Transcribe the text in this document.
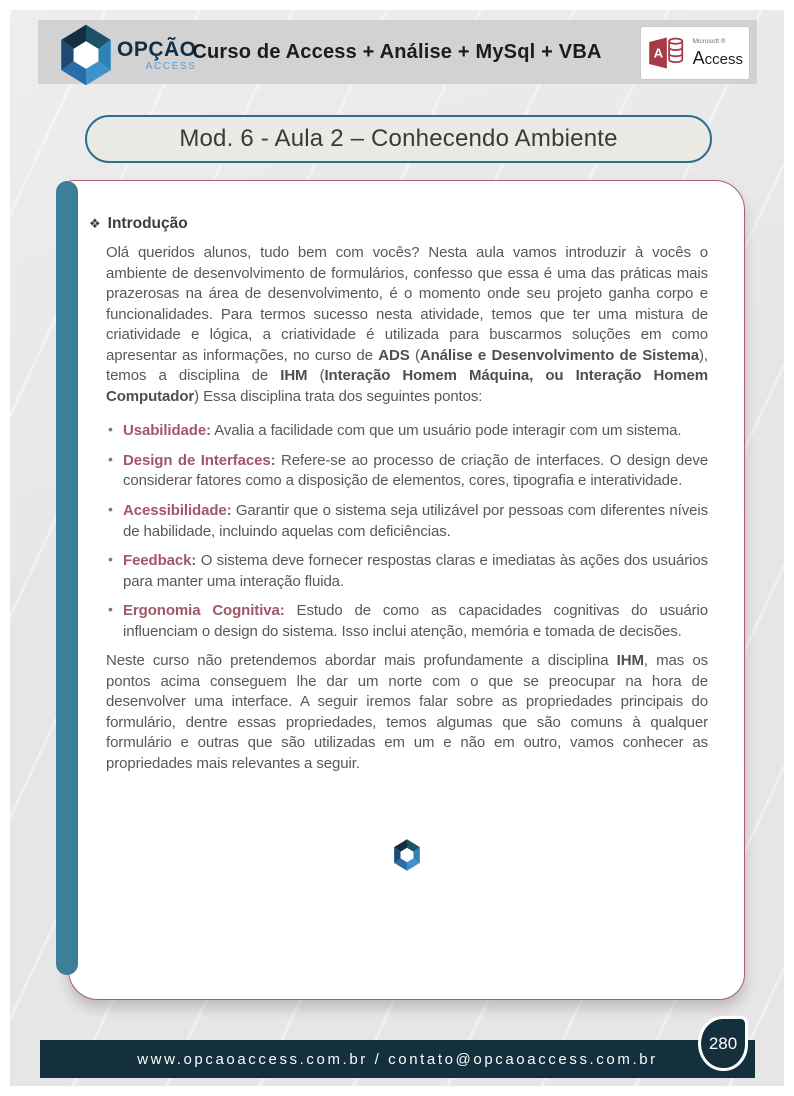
OPÇÃO
ACCESS
Curso de Access + Análise + MySql + VBA	A
Microsoft ®
Access
Mod. 6 - Aula 2 – Conhecendo Ambiente
❖ Introdução

Olá queridos alunos, tudo bem com vocês? Nesta aula vamos introduzir à vocês o ambiente de desenvolvimento de formulários, confesso que essa é uma das práticas mais prazerosas na área de desenvolvimento, é o momento onde seu projeto ganha corpo e funcionalidades. Para termos sucesso nesta atividade, temos que ter uma mistura de criatividade e lógica, a criatividade é utilizada para buscarmos soluções em como apresentar as informações, no curso de ADS (Análise e Desenvolvimento de Sistema), temos a disciplina de IHM (Interação Homem Máquina, ou Interação Homem Computador) Essa disciplina trata dos seguintes pontos:

• Usabilidade: Avalia a facilidade com que um usuário pode interagir com um sistema.

• Design de Interfaces: Refere-se ao processo de criação de interfaces. O design deve considerar fatores como a disposição de elementos, cores, tipografia e interatividade.

• Acessibilidade: Garantir que o sistema seja utilizável por pessoas com diferentes níveis de habilidade, incluindo aquelas com deficiências.

• Feedback: O sistema deve fornecer respostas claras e imediatas às ações dos usuários para manter uma interação fluida.

• Ergonomia Cognitiva: Estudo de como as capacidades cognitivas do usuário influenciam o design do sistema. Isso inclui atenção, memória e tomada de decisões.

Neste curso não pretendemos abordar mais profundamente a disciplina IHM, mas os pontos acima conseguem lhe dar um norte com o que se preocupar na hora de desenvolver uma interface. A seguir iremos falar sobre as propriedades principais do formulário, dentre essas propriedades, temos algumas que são comuns à qualquer formulário e outras que são utilizadas em um e não em outro, vamos conhecer as propriedades mais relevantes a seguir.

www.opcaoaccess.com.br / contato@opcaoaccess.com.br
280
